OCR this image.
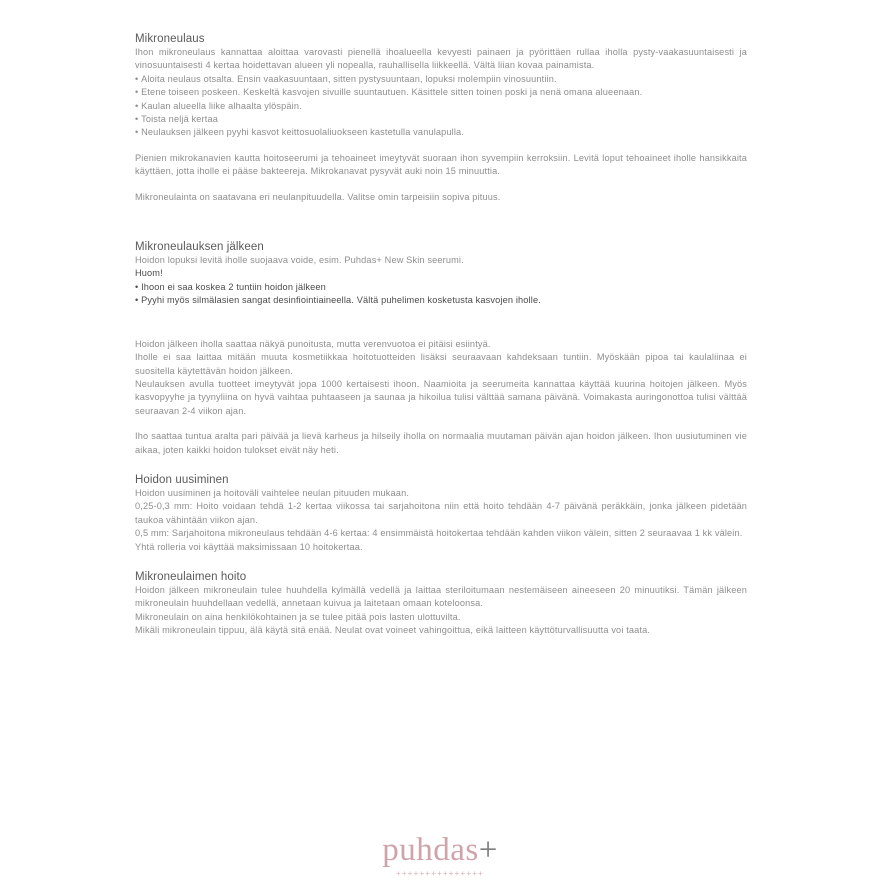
Mikroneulaus

Ihon mikroneulaus kannattaa aloittaa varovasti pienellä ihoalueella kevyesti painaen ja pyörittäen rullaa iholla pysty-vaakasuuntaisesti ja vinosuuntaisesti 4 kertaa hoidettavan alueen yli nopealla, rauhallisella liikkeellä. Vältä liian kovaa painamista.

• Aloita neulaus otsalta. Ensin vaakasuuntaan, sitten pystysuuntaan, lopuksi molempiin vinosuuntiin.
• Etene toiseen poskeen. Keskeltä kasvojen sivuille suuntautuen. Käsittele sitten toinen poski ja nenä omana alueenaan.
• Kaulan alueella liike alhaalta ylöspäin.
• Toista neljä kertaa
• Neulauksen jälkeen pyyhi kasvot keittosuolaliuokseen kastetulla vanulapulla.

Pienien mikrokanavien kautta hoitoseerumi ja tehoaineet imeytyvät suoraan ihon syvempiin kerroksiin. Levitä loput tehoaineet iholle hansikkaita käyttäen, jotta iholle ei pääse bakteereja. Mikrokanavat pysyvät auki noin 15 minuuttia.

Mikroneulainta on saatavana eri neulanpituudella. Valitse omin tarpeisiin sopiva pituus.

Mikroneulauksen jälkeen

Hoidon lopuksi levitä iholle suojaava voide, esim. Puhdas+ New Skin seerumi.

Huom!

• Ihoon ei saa koskea 2 tuntiin hoidon jälkeen
• Pyyhi myös silmälasien sangat desinfiointiaineella. Vältä puhelimen kosketusta kasvojen iholle.

Hoidon jälkeen iholla saattaa näkyä punoitusta, mutta verenvuotoa ei pitäisi esiintyä.

Iholle ei saa laittaa mitään muuta kosmetiikkaa hoitotuotteiden lisäksi seuraavaan kahdeksaan tuntiin. Myöskään pipoa tai kaulaliinaa ei suositella käytettävän hoidon jälkeen.

Neulauksen avulla tuotteet imeytyvät jopa 1000 kertaisesti ihoon. Naamioita ja seerumeita kannattaa käyttää kuurina hoitojen jälkeen. Myös kasvopyyhe ja tyynyliina on hyvä vaihtaa puhtaaseen ja saunaa ja hikoilua tulisi välttää samana päivänä. Voimakasta auringonottoa tulisi välttää seuraavan 2-4 viikon ajan.

Iho saattaa tuntua aralta pari päivää ja lievä karheus ja hilseily iholla on normaalia muutaman päivän ajan hoidon jälkeen. Ihon uusiutuminen vie aikaa, joten kaikki hoidon tulokset eivät näy heti.

Hoidon uusiminen

Hoidon uusiminen ja hoitoväli vaihtelee neulan pituuden mukaan.

0,25-0,3 mm: Hoito voidaan tehdä 1-2 kertaa viikossa tai sarjahoitona niin että hoito tehdään 4-7 päivänä peräkkäin, jonka jälkeen pidetään taukoa vähintään viikon ajan.

0,5 mm: Sarjahoitona mikroneulaus tehdään 4-6 kertaa: 4 ensimmäistä hoitokertaa tehdään kahden viikon välein, sitten 2 seuraavaa 1 kk välein.

Yhtä rolleria voi käyttää maksimissaan 10 hoitokertaa.

Mikroneulaimen hoito

Hoidon jälkeen mikroneulain tulee huuhdella kylmällä vedellä ja laittaa steriloitumaan nestemäiseen aineeseen 20 minuutiksi. Tämän jälkeen mikroneulain huuhdellaan vedellä, annetaan kuivua ja laitetaan omaan koteloonsa.

Mikroneulain on aina henkilökohtainen ja se tulee pitää pois lasten ulottuvilta.

Mikäli mikroneulain tippuu, älä käytä sitä enää. Neulat ovat voineet vahingoittua, eikä laitteen käyttöturvallisuutta voi taata.

puhdas+
+++++++++++++++
